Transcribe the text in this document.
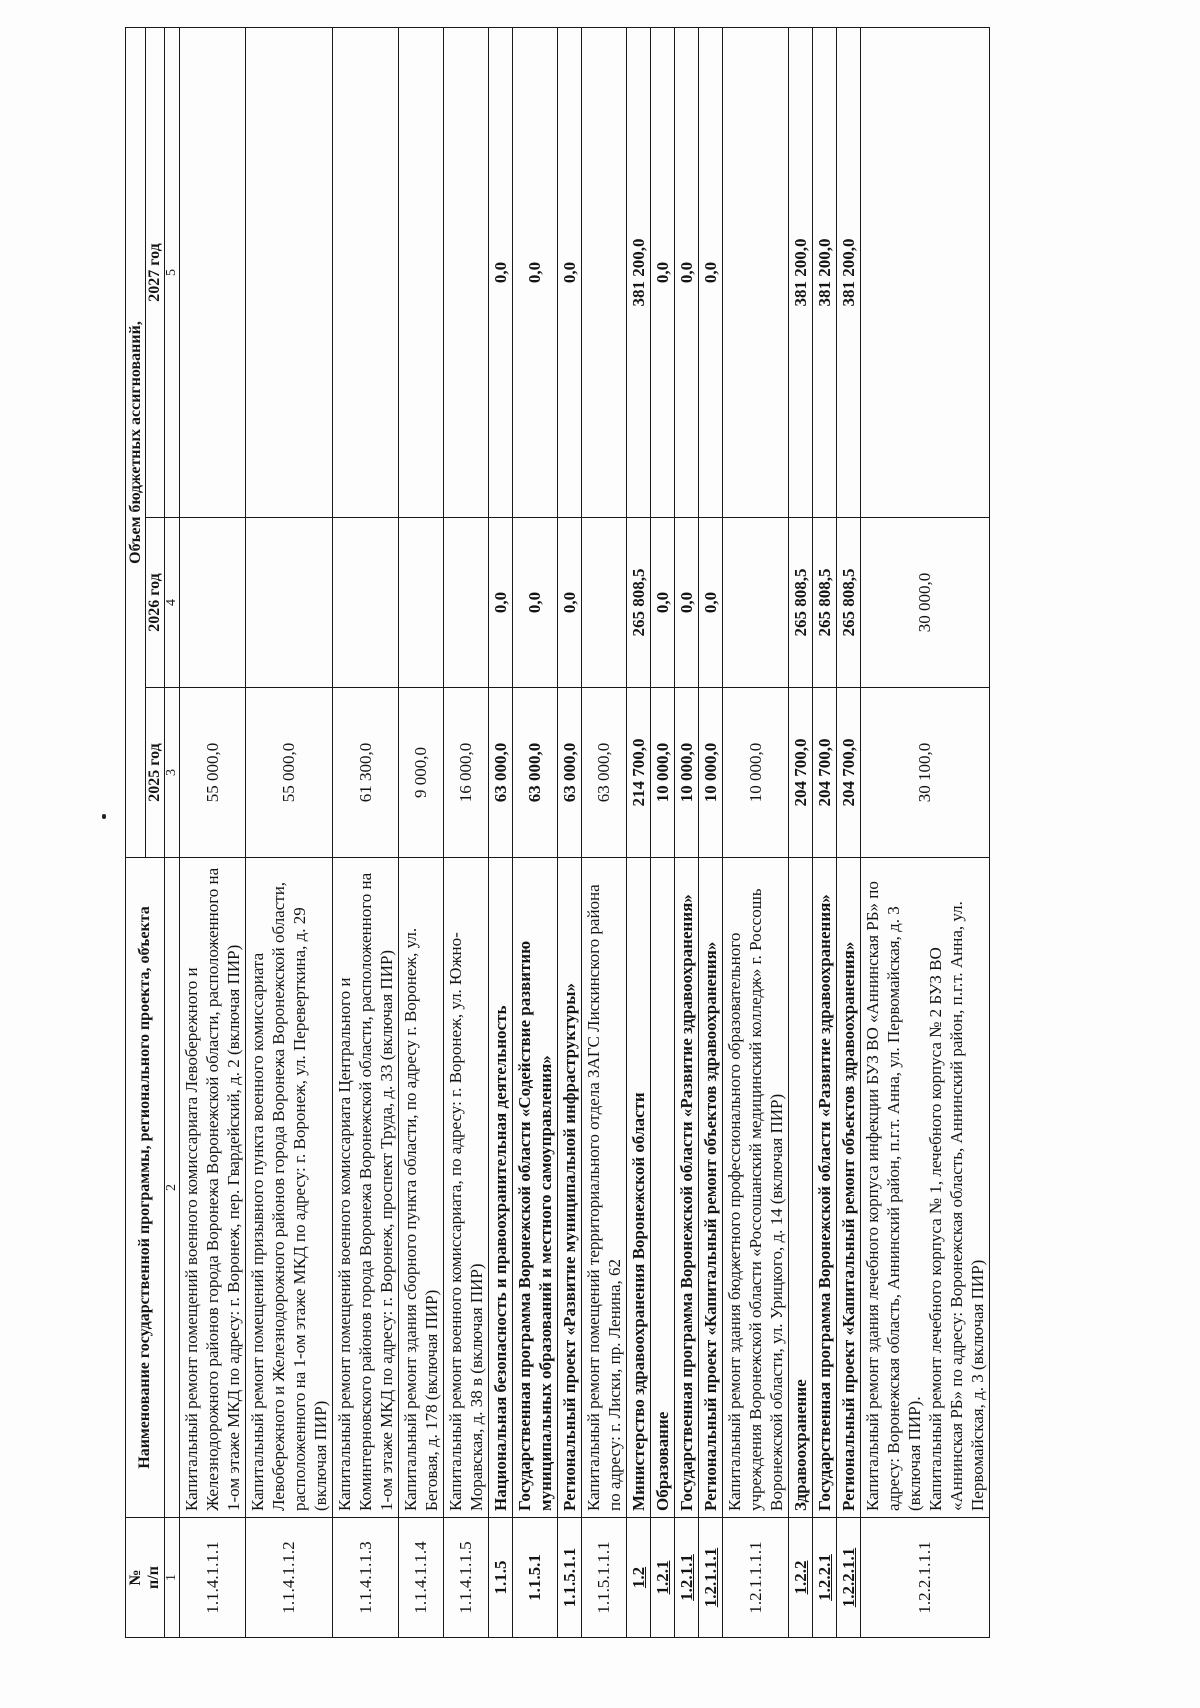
№
п/п	Наименование государственной программы, регионального проекта, объекта	Объем бюджетных ассигнований,		
		2025 год	2026 год	2027 год
1	2	3	4	5
1.1.4.1.1.1	Капитальный ремонт помещений военного комиссариата Левобережного и Железнодорожного районов города Воронежа Воронежской области, расположенного на 1-ом этаже МКД по адресу: г. Воронеж, пер. Гвардейский, д. 2 (включая ПИР)	55 000,0		
1.1.4.1.1.2	Капитальный ремонт помещений призывного пункта военного комиссариата Левобережного и Железнодорожного районов города Воронежа Воронежской области, расположенного на 1-ом этаже МКД по адресу: г. Воронеж, ул. Переверткина, д. 29 (включая ПИР)	55 000,0		
1.1.4.1.1.3	Капитальный ремонт помещений военного комиссариата Центрального и Коминтерновского районов города Воронежа Воронежской области, расположенного на 1-ом этаже МКД по адресу: г. Воронеж, проспект Труда, д. 33 (включая ПИР)	61 300,0		
1.1.4.1.1.4	Капитальный ремонт здания сборного пункта области, по адресу г. Воронеж, ул. Беговая, д. 178 (включая ПИР)	9 000,0		
1.1.4.1.1.5	Капитальный ремонт военного комиссариата, по адресу: г. Воронеж, ул. Южно-Моравская, д. 38 в (включая ПИР)	16 000,0		
1.1.5	Национальная безопасность и правоохранительная деятельность	63 000,0	0,0	0,0
1.1.5.1	Государственная программа Воронежской области «Содействие развитию муниципальных образований и местного самоуправления»	63 000,0	0,0	0,0
1.1.5.1.1	Региональный проект «Развитие муниципальной инфраструктуры»	63 000,0	0,0	0,0
1.1.5.1.1.1	Капитальный ремонт помещений территориального отдела ЗАГС Лискинского района по адресу: г. Лиски, пр. Ленина, 62	63 000,0		
1.2	Министерство здравоохранения Воронежской области	214 700,0	265 808,5	381 200,0
1.2.1	Образование	10 000,0	0,0	0,0
1.2.1.1	Государственная программа Воронежской области «Развитие здравоохранения»	10 000,0	0,0	0,0
1.2.1.1.1	Региональный проект «Капитальный ремонт объектов здравоохранения»	10 000,0	0,0	0,0
1.2.1.1.1.1	Капитальный ремонт здания бюджетного профессионального образовательного учреждения Воронежской области «Россошанский медицинский колледж» г. Россошь Воронежской области, ул. Урицкого, д. 14 (включая ПИР)	10 000,0		
1.2.2	Здравоохранение	204 700,0	265 808,5	381 200,0
1.2.2.1	Государственная программа Воронежской области «Развитие здравоохранения»	204 700,0	265 808,5	381 200,0
1.2.2.1.1	Региональный проект «Капитальный ремонт объектов здравоохранения»	204 700,0	265 808,5	381 200,0
1.2.2.1.1.1	Капитальный ремонт здания лечебного корпуса инфекции БУЗ ВО «Аннинская РБ» по адресу: Воронежская область, Аннинский район, п.г.т. Анна, ул. Первомайская, д. 3 (включая ПИР).
Капитальный ремонт лечебного корпуса № 1, лечебного корпуса № 2 БУЗ ВО «Аннинская РБ» по адресу: Воронежская область, Аннинский район, п.г.т. Анна, ул. Первомайская, д. 3 (включая ПИР)	30 100,0	30 000,0	
